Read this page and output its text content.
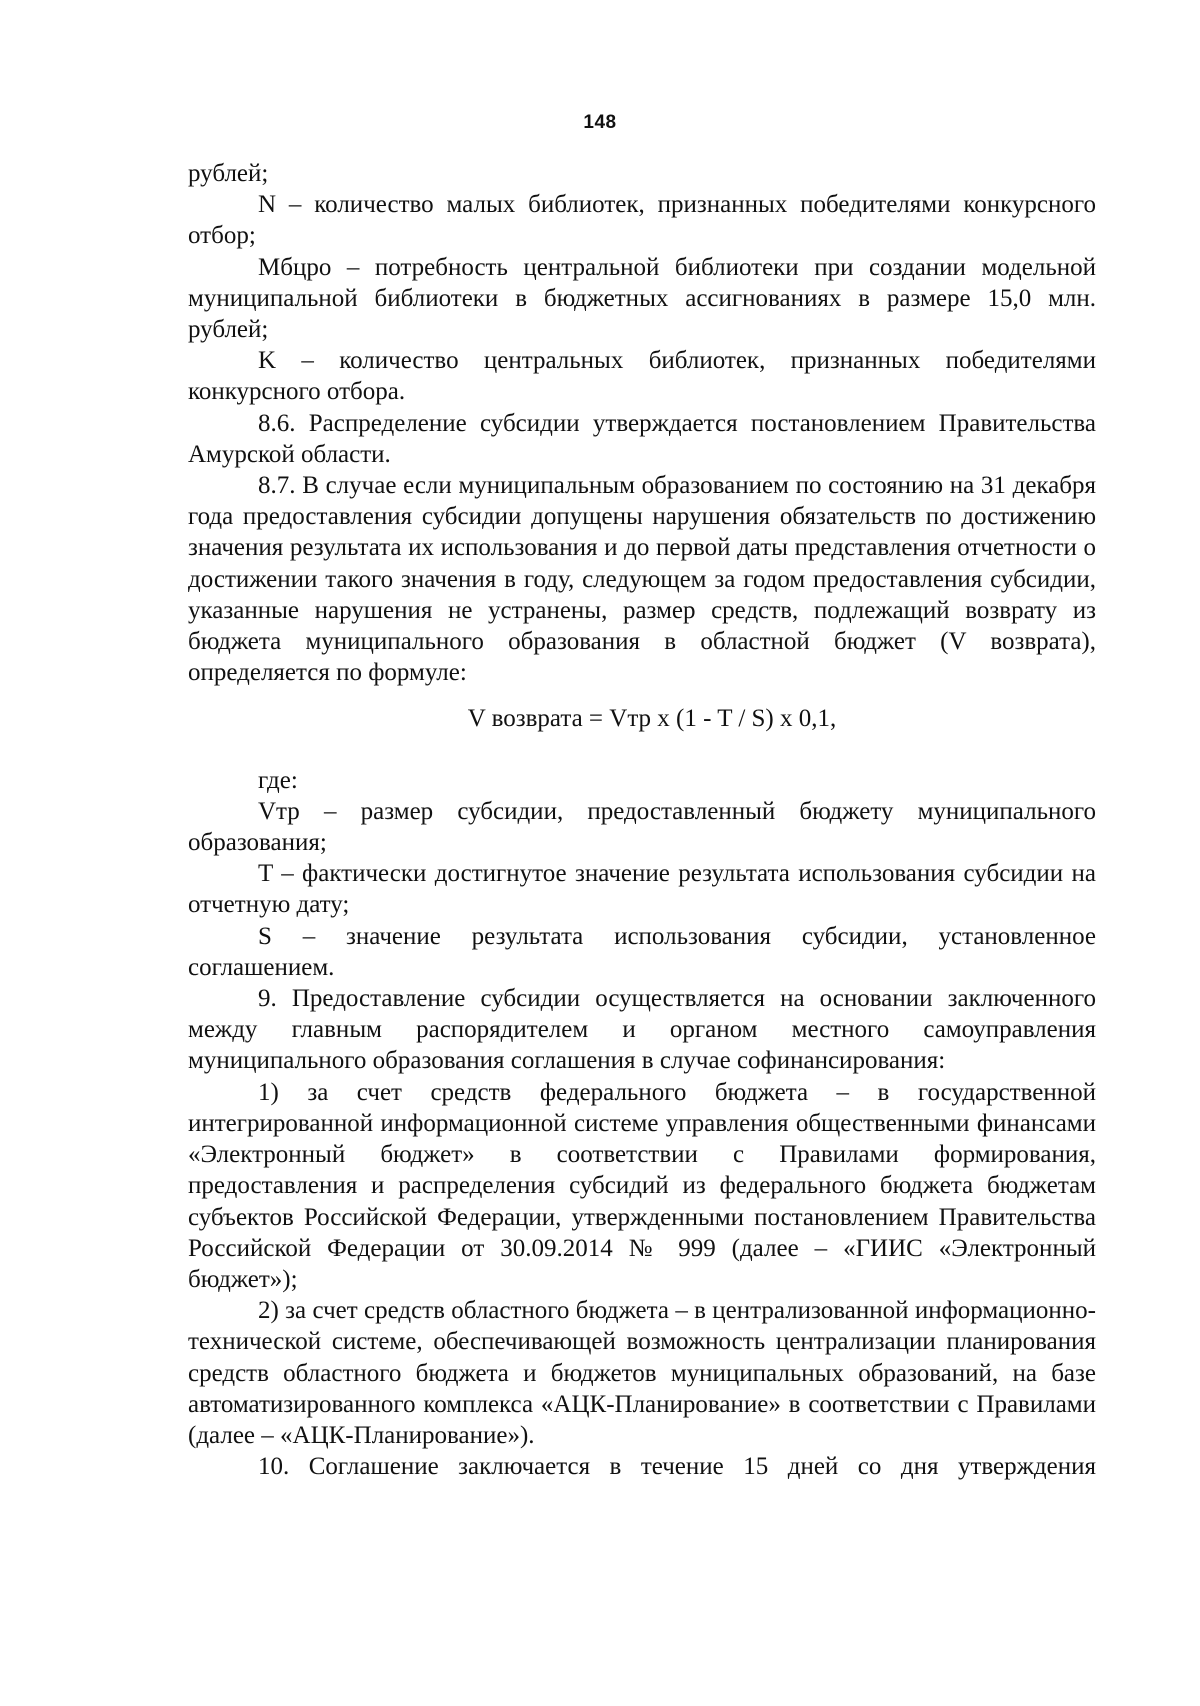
148

рублей;

N – количество малых библиотек, признанных победителями конкурсного отбор;

Мбцро – потребность центральной библиотеки при создании модельной муниципальной библиотеки в бюджетных ассигнованиях в размере 15,0 млн. рублей;

K – количество центральных библиотек, признанных победителями конкурсного отбора.

8.6. Распределение субсидии утверждается постановлением Правительства Амурской области.

8.7. В случае если муниципальным образованием по состоянию на 31 декабря года предоставления субсидии допущены нарушения обязательств по достижению значения результата их использования и до первой даты представления отчетности о достижении такого значения в году, следующем за годом предоставления субсидии, указанные нарушения не устранены, размер средств, подлежащий возврату из бюджета муниципального образования в областной бюджет (V возврата), определяется по формуле:

V возврата = Vтр x (1 - T / S) x 0,1,

где:

Vтр – размер субсидии, предоставленный бюджету муниципального образования;

T – фактически достигнутое значение результата использования субсидии на отчетную дату;

S – значение результата использования субсидии, установленное соглашением.

9. Предоставление субсидии осуществляется на основании заключенного между главным распорядителем и органом местного самоуправления муниципального образования соглашения в случае софинансирования:

1) за счет средств федерального бюджета – в государственной интегрированной информационной системе управления общественными финансами «Электронный бюджет» в соответствии с Правилами формирования, предоставления и распределения субсидий из федерального бюджета бюджетам субъектов Российской Федерации, утвержденными постановлением Правительства Российской Федерации от 30.09.2014 № 999 (далее – «ГИИС «Электронный бюджет»);

2) за счет средств областного бюджета – в централизованной информационно-технической системе, обеспечивающей возможность централизации планирования средств областного бюджета и бюджетов муниципальных образований, на базе автоматизированного комплекса «АЦК-Планирование» в соответствии с Правилами (далее – «АЦК-Планирование»).

10. Соглашение заключается в течение 15 дней со дня утверждения
